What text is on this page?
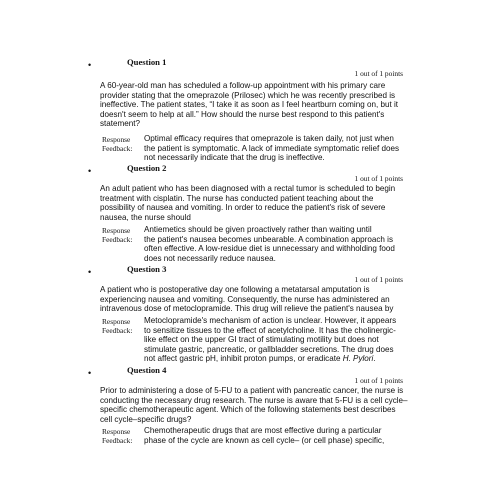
•	Question 1
1 out of 1 points
A 60-year-old man has scheduled a follow-up appointment with his primary care
provider stating that the omeprazole (Prilosec) which he was recently prescribed is
ineffective. The patient states, “I take it as soon as I feel heartburn coming on, but it
doesn't seem to help at all.” How should the nurse best respond to this patient's
statement?
Response
Feedback:
Optimal efficacy requires that omeprazole is taken daily, not just when
the patient is symptomatic. A lack of immediate symptomatic relief does
not necessarily indicate that the drug is ineffective.
•	Question 2
1 out of 1 points
An adult patient who has been diagnosed with a rectal tumor is scheduled to begin
treatment with cisplatin. The nurse has conducted patient teaching about the
possibility of nausea and vomiting. In order to reduce the patient's risk of severe
nausea, the nurse should
Response
Feedback:
Antiemetics should be given proactively rather than waiting until
the patient's nausea becomes unbearable. A combination approach is
often effective. A low-residue diet is unnecessary and withholding food
does not necessarily reduce nausea.
•	Question 3
1 out of 1 points
A patient who is postoperative day one following a metatarsal amputation is
experiencing nausea and vomiting. Consequently, the nurse has administered an
intravenous dose of metoclopramide. This drug will relieve the patient's nausea by
Response
Feedback:
Metoclopramide's mechanism of action is unclear. However, it appears
to sensitize tissues to the effect of acetylcholine. It has the cholinergic-
like effect on the upper GI tract of stimulating motility but does not
stimulate gastric, pancreatic, or gallbladder secretions. The drug does
not affect gastric pH, inhibit proton pumps, or eradicate H. Pylori.
•	Question 4
1 out of 1 points
Prior to administering a dose of 5-FU to a patient with pancreatic cancer, the nurse is
conducting the necessary drug research. The nurse is aware that 5-FU is a cell cycle–
specific chemotherapeutic agent. Which of the following statements best describes
cell cycle–specific drugs?
Response
Feedback:
Chemotherapeutic drugs that are most effective during a particular
phase of the cycle are known as cell cycle– (or cell phase) specific,
